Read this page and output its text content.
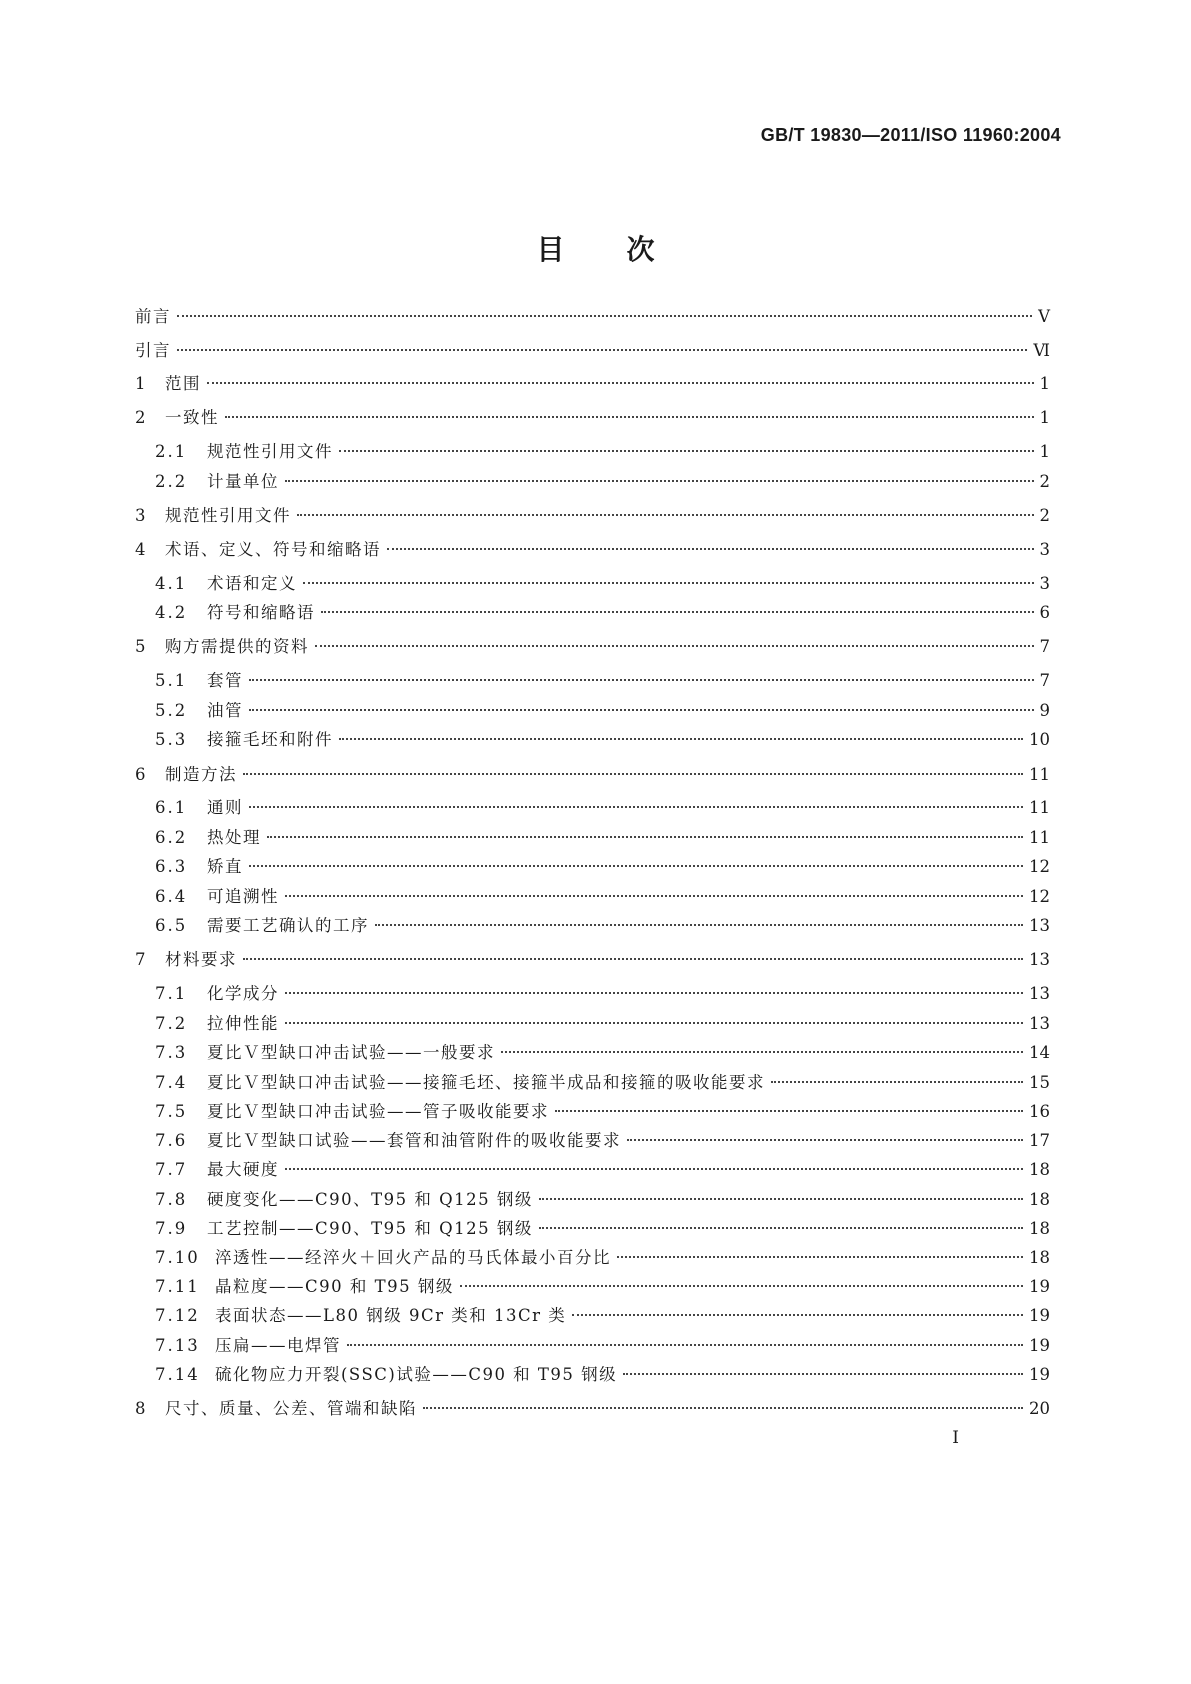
GB/T 19830—2011/ISO 11960:2004
目次
前言	Ⅴ
引言	Ⅵ
1	范围	1
2	一致性	1
2.1	规范性引用文件	1
2.2	计量单位	2
3	规范性引用文件	2
4	术语、定义、符号和缩略语	3
4.1	术语和定义	3
4.2	符号和缩略语	6
5	购方需提供的资料	7
5.1	套管	7
5.2	油管	9
5.3	接箍毛坯和附件	10
6	制造方法	11
6.1	通则	11
6.2	热处理	11
6.3	矫直	12
6.4	可追溯性	12
6.5	需要工艺确认的工序	13
7	材料要求	13
7.1	化学成分	13
7.2	拉伸性能	13
7.3	夏比Ｖ型缺口冲击试验——一般要求	14
7.4	夏比Ｖ型缺口冲击试验——接箍毛坯、接箍半成品和接箍的吸收能要求	15
7.5	夏比Ｖ型缺口冲击试验——管子吸收能要求	16
7.6	夏比Ｖ型缺口试验——套管和油管附件的吸收能要求	17
7.7	最大硬度	18
7.8	硬度变化——C90、T95 和 Q125 钢级	18
7.9	工艺控制——C90、T95 和 Q125 钢级	18
7.10 淬透性——经淬火＋回火产品的马氏体最小百分比	18
7.11 晶粒度——C90 和 T95 钢级	19
7.12 表面状态——L80 钢级 9Cr 类和 13Cr 类	19
7.13 压扁——电焊管	19
7.14 硫化物应力开裂(SSC)试验——C90 和 T95 钢级	19
8	尺寸、质量、公差、管端和缺陷	20
Ⅰ
